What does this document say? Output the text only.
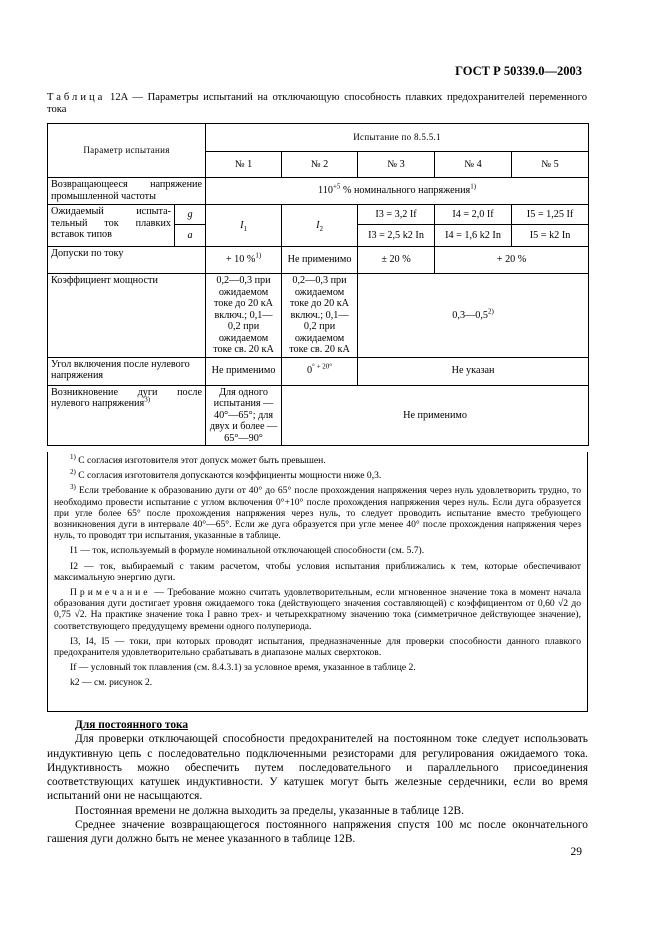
ГОСТ Р 50339.0—2003
Таблица 12A — Параметры испытаний на отключающую способность плавких предохранителей переменного тока
Параметр испытания		Испытание по 8.5.5.1				
		№ 1	№ 2	№ 3	№ 4	№ 5
Возвращающееся напряжение промышленной частоты		$110^{+5}$ % номинального напряжения$^{1)}$
Ожидаемый испыта-тельный ток плавких вставок типов	g	$I_1$	$I_2$	I3 = 3,2 If	I4 = 2,0 If	I5 = 1,25 If
	a			I3 = 2,5 k2 In	I4 = 1,6 k2 In	I5 = k2 In
Допуски по току		+ 10 %$^{1)}$	Не применимо	± 20 %	+ 20 %	
Коэффициент мощности		0,2—0,3 при ожидаемом токе до 20 кА включ.; 0,1—0,2 при ожидаемом токе св. 20 кА	0,2—0,3 при ожидаемом токе до 20 кА включ.; 0,1—0,2 при ожидаемом токе св. 20 кА	0,3—0,5$^{2)}$
Угол включения после нулевого напряжения		Не применимо	$0^{^\circ + 20^\circ}$	Не указан		
Возникновение дуги после нулевого напряжения$^{3)}$		Для одного испытания — 40°—65°; для двух и более — 65°—90°	Не применимо			

$^{1)}$ С согласия изготовителя этот допуск может быть превышен.

$^{2)}$ С согласия изготовителя допускаются коэффициенты мощности ниже 0,3.

$^{3)}$ Если требование к образованию дуги от 40° до 65° после прохождения напряжения через нуль удовлетворить трудно, то необходимо провести испытание с углом включения 0°+10° после прохождения напряжения через нуль. Если дуга образуется при угле более 65° после прохождения напряжения через нуль, то следует проводить испытание вместо требующего возникновения дуги в интервале 40°—65°. Если же дуга образуется при угле менее 40° после прохождения напряжения через нуль, то проводят три испытания, указанные в таблице.

I1 — ток, используемый в формуле номинальной отключающей способности (см. 5.7).

I2 — ток, выбираемый с таким расчетом, чтобы условия испытания приближались к тем, которые обеспечивают максимальную энергию дуги.

Примечание — Требование можно считать удовлетворительным, если мгновенное значение тока в момент начала образования дуги достигает уровня ожидаемого тока (действующего значения составляющей) с коэффициентом от 0,60 √2 до 0,75 √2. На практике значение тока I равно трех- и четырехкратному значению тока (симметричное действующее значение), соответствующего предудущему времени одного полупериода.

I3, I4, I5 — токи, при которых проводят испытания, предназначенные для проверки способности данного плавкого предохранителя удовлетворительно срабатывать в диапазоне малых сверхтоков.

If — условный ток плавления (см. 8.4.3.1) за условное время, указанное в таблице 2.

k2 — см. рисунок 2.

Для постоянного тока

Для проверки отключающей способности предохранителей на постоянном токе следует использовать индуктивную цепь с последовательно подключенными резисторами для регулирования ожидаемого тока. Индуктивность можно обеспечить путем последовательного и параллельного присоединения соответствующих катушек индуктивности. У катушек могут быть железные сердечники, если во время испытаний они не насыщаются.

Постоянная времени не должна выходить за пределы, указанные в таблице 12В.

Среднее значение возвращающегося постоянного напряжения спустя 100 мс после окончательного гашения дуги должно быть не менее указанного в таблице 12В.

29
